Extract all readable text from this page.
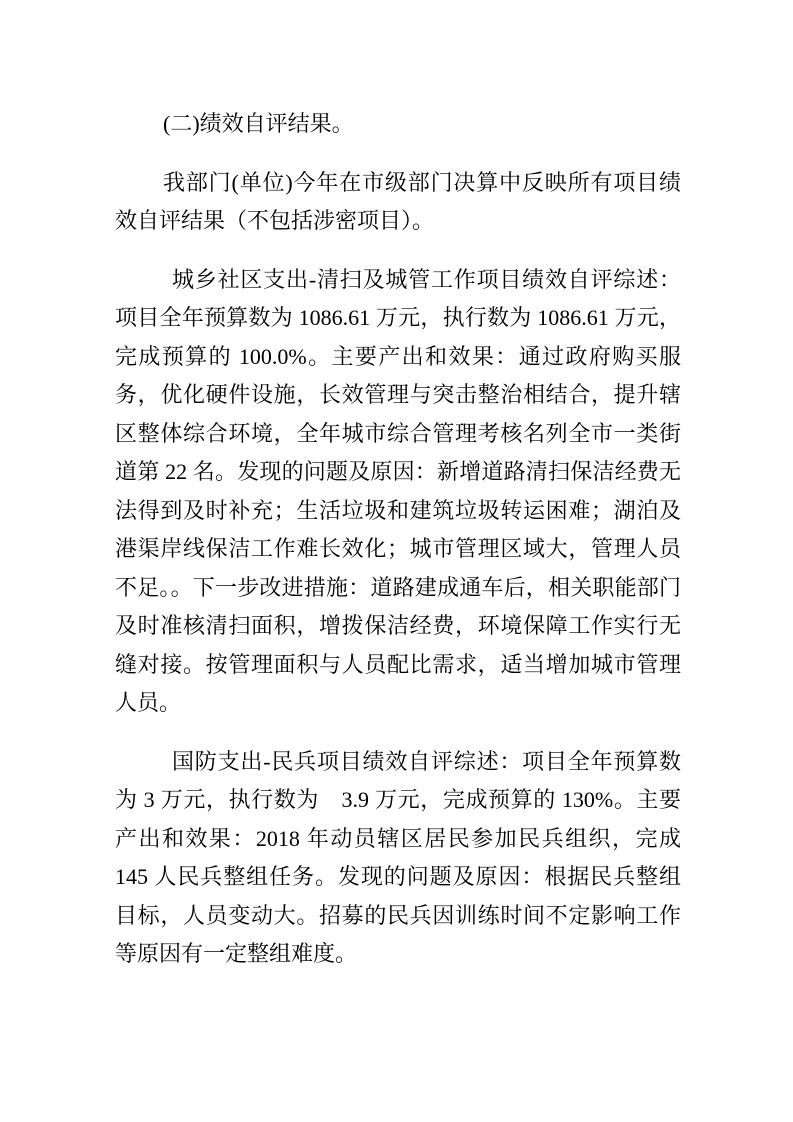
(二)绩效自评结果。

我部门(单位)今年在市级部门决算中反映所有项目绩效自评结果（不包括涉密项目）。

城乡社区支出-清扫及城管工作项目绩效自评综述：项目全年预算数为 1086.61 万元，执行数为 1086.61 万元，完成预算的 100.0%。主要产出和效果：通过政府购买服务，优化硬件设施，长效管理与突击整治相结合，提升辖区整体综合环境，全年城市综合管理考核名列全市一类街道第 22 名。发现的问题及原因：新增道路清扫保洁经费无法得到及时补充；生活垃圾和建筑垃圾转运困难；湖泊及港渠岸线保洁工作难长效化；城市管理区域大，管理人员不足。。下一步改进措施：道路建成通车后，相关职能部门及时准核清扫面积，增拨保洁经费，环境保障工作实行无缝对接。按管理面积与人员配比需求，适当增加城市管理人员。

国防支出-民兵项目绩效自评综述：项目全年预算数为 3 万元，执行数为　3.9 万元，完成预算的 130%。主要产出和效果：2018 年动员辖区居民参加民兵组织，完成 145 人民兵整组任务。发现的问题及原因：根据民兵整组目标，人员变动大。招募的民兵因训练时间不定影响工作等原因有一定整组难度。
